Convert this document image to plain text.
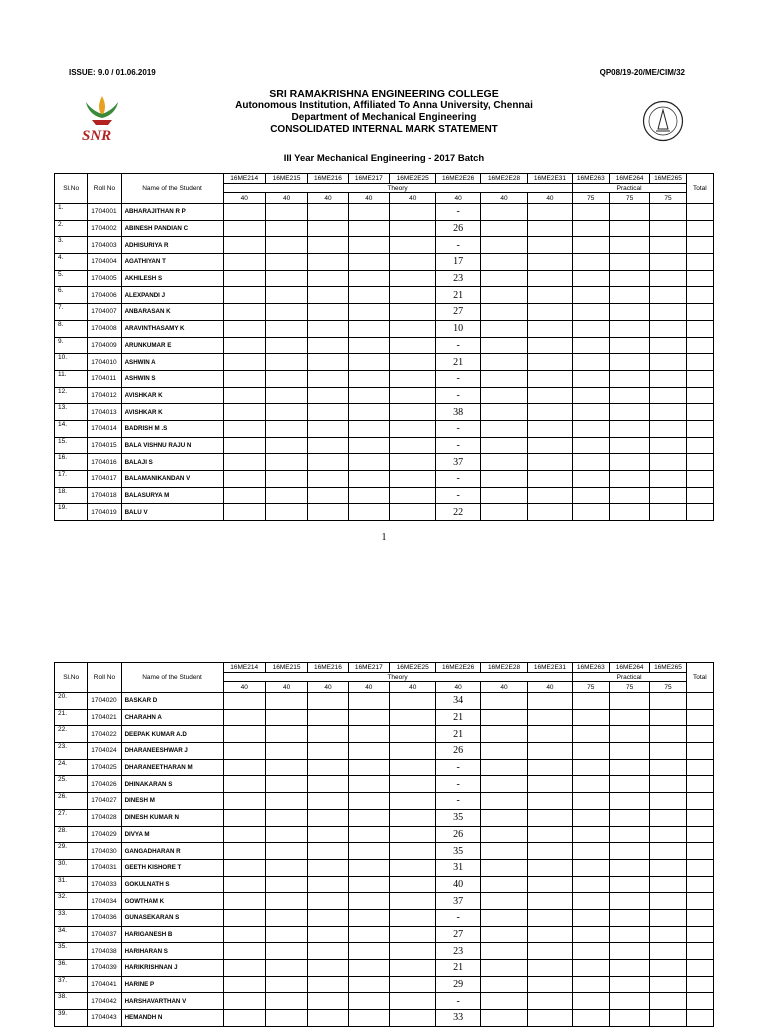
ISSUE: 9.0 / 01.06.2019	QP08/19-20/ME/CIM/32
SNR
SRI RAMAKRISHNA ENGINEERING COLLEGE
Autonomous Institution, Affiliated To Anna University, Chennai
Department of Mechanical Engineering
CONSOLIDATED INTERNAL MARK STATEMENT
III Year Mechanical Engineering - 2017 Batch
Sl.No	Roll No	Name of the Student	16ME214	16ME215	16ME216	16ME217	16ME2E25	16ME2E26	16ME2E28	16ME2E31	16ME263	16ME264	16ME265	Total
			Theory								Practical			
			40	40	40	40	40	40	40	40	75	75	75	
1.	1704001	ABHARAJITHAN R P						-						
2.	1704002	ABINESH PANDIAN C						26						
3.	1704003	ADHISURIYA R						-						
4.	1704004	AGATHIYAN T						17						
5.	1704005	AKHILESH S						23						
6.	1704006	ALEXPANDI J						21						
7.	1704007	ANBARASAN K						27						
8.	1704008	ARAVINTHASAMY K						10						
9.	1704009	ARUNKUMAR E						-						
10.	1704010	ASHWIN A						21						
11.	1704011	ASHWIN S						-						
12.	1704012	AVISHKAR K						-						
13.	1704013	AVISHKAR K						38						
14.	1704014	BADRISH M .S						-						
15.	1704015	BALA VISHNU RAJU N						-						
16.	1704016	BALAJI S						37						
17.	1704017	BALAMANIKANDAN V						-						
18.	1704018	BALASURYA M						-						
19.	1704019	BALU V						22						
1
Sl.No	Roll No	Name of the Student	16ME214	16ME215	16ME216	16ME217	16ME2E25	16ME2E26	16ME2E28	16ME2E31	16ME263	16ME264	16ME265	Total
			Theory								Practical			
			40	40	40	40	40	40	40	40	75	75	75	
20.	1704020	BASKAR D						34						
21.	1704021	CHARAHN A						21						
22.	1704022	DEEPAK KUMAR A.D						21						
23.	1704024	DHARANEESHWAR J						26						
24.	1704025	DHARANEETHARAN M						-						
25.	1704026	DHINAKARAN S						-						
26.	1704027	DINESH M						-						
27.	1704028	DINESH KUMAR N						35						
28.	1704029	DIVYA M						26						
29.	1704030	GANGADHARAN R						35						
30.	1704031	GEETH KISHORE T						31						
31.	1704033	GOKULNATH S						40						
32.	1704034	GOWTHAM K						37						
33.	1704036	GUNASEKARAN S						-						
34.	1704037	HARIGANESH B						27						
35.	1704038	HARIHARAN S						23						
36.	1704039	HARIKRISHNAN J						21						
37.	1704041	HARINE P						29						
38.	1704042	HARSHAVARTHAN V						-						
39.	1704043	HEMANDH N						33						
